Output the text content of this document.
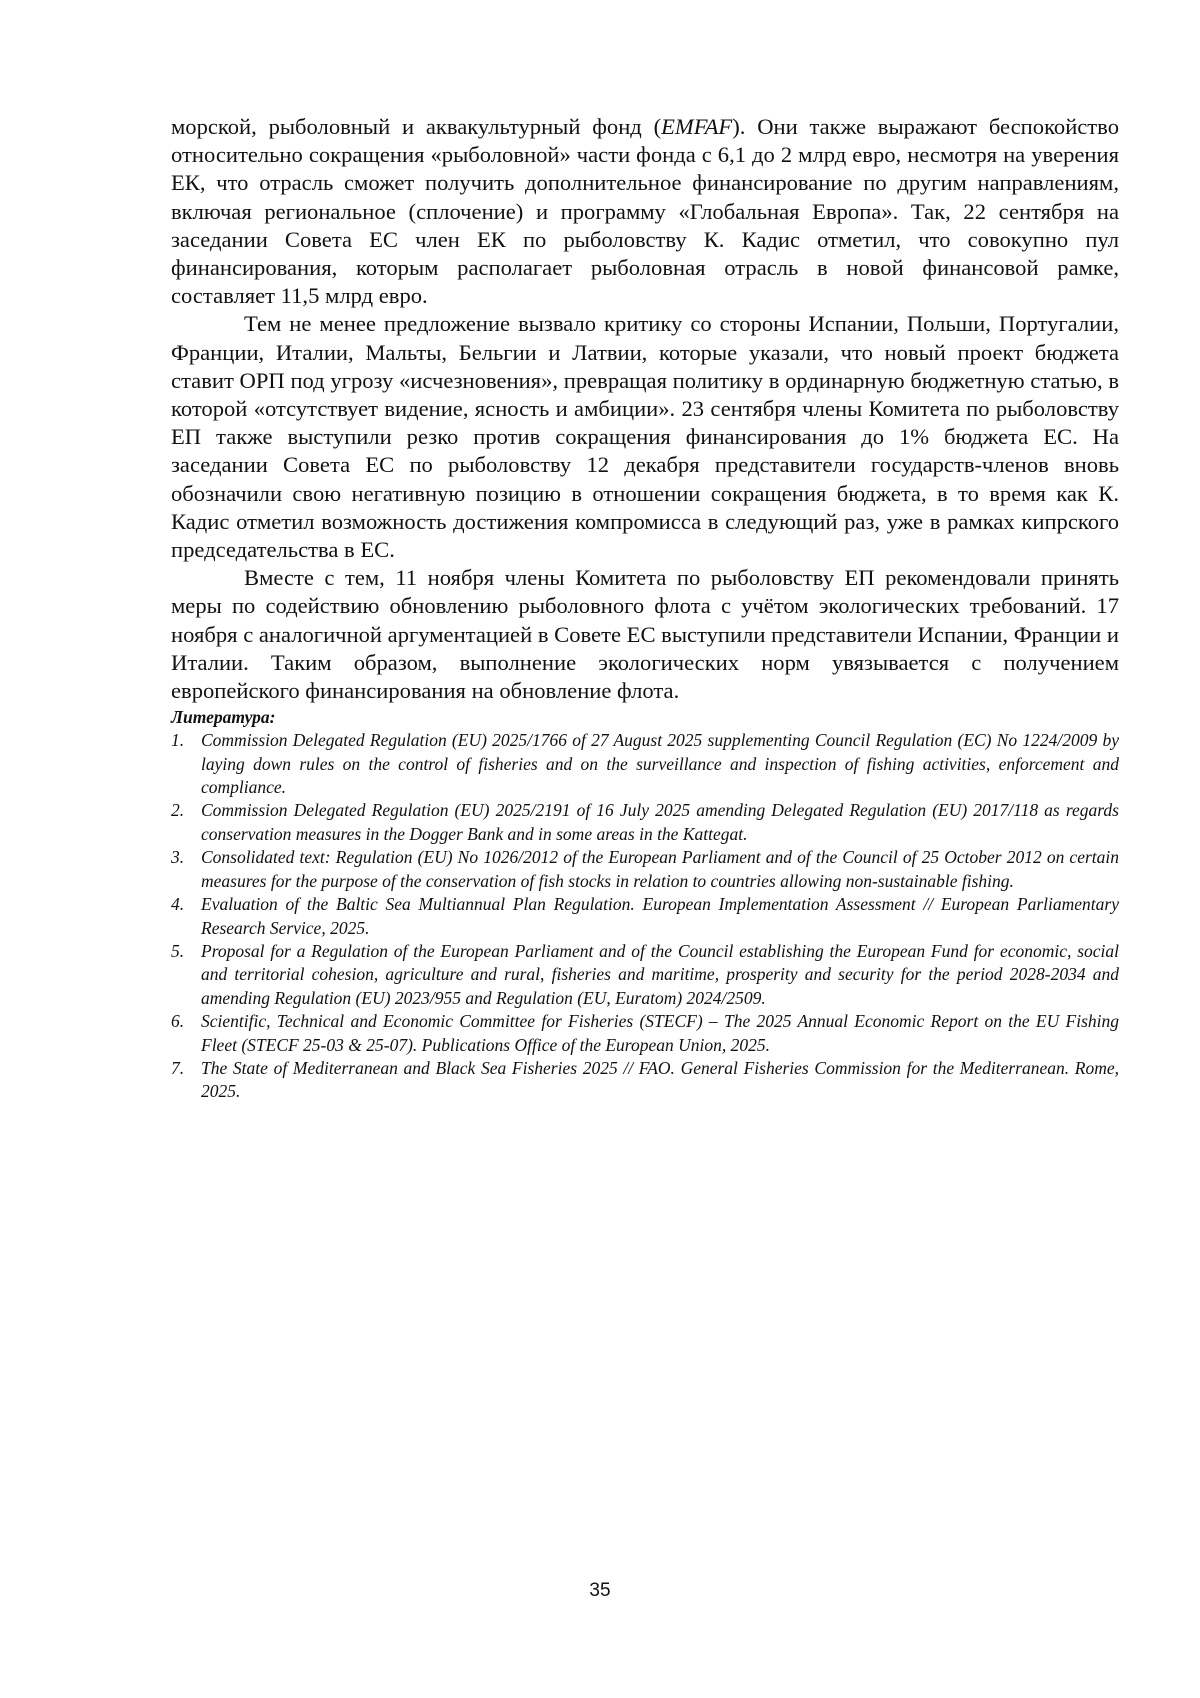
морской, рыболовный и аквакультурный фонд (EMFAF). Они также выражают беспокойство относительно сокращения «рыболовной» части фонда с 6,1 до 2 млрд евро, несмотря на уверения ЕК, что отрасль сможет получить дополнительное финансирование по другим направлениям, включая региональное (сплочение) и программу «Глобальная Европа». Так, 22 сентября на заседании Совета ЕС член ЕК по рыболовству К. Кадис отметил, что совокупно пул финансирования, которым располагает рыболовная отрасль в новой финансовой рамке, составляет 11,5 млрд евро.

Тем не менее предложение вызвало критику со стороны Испании, Польши, Португалии, Франции, Италии, Мальты, Бельгии и Латвии, которые указали, что новый проект бюджета ставит ОРП под угрозу «исчезновения», превращая политику в ординарную бюджетную статью, в которой «отсутствует видение, ясность и амбиции». 23 сентября члены Комитета по рыболовству ЕП также выступили резко против сокращения финансирования до 1% бюджета ЕС. На заседании Совета ЕС по рыболовству 12 декабря представители государств-членов вновь обозначили свою негативную позицию в отношении сокращения бюджета, в то время как К. Кадис отметил возможность достижения компромисса в следующий раз, уже в рамках кипрского председательства в ЕС.

Вместе с тем, 11 ноября члены Комитета по рыболовству ЕП рекомендовали принять меры по содействию обновлению рыболовного флота с учётом экологических требований. 17 ноября с аналогичной аргументацией в Совете ЕС выступили представители Испании, Франции и Италии. Таким образом, выполнение экологических норм увязывается с получением европейского финансирования на обновление флота.

Литература:
1. Commission Delegated Regulation (EU) 2025/1766 of 27 August 2025 supplementing Council Regulation (EC) No 1224/2009 by laying down rules on the control of fisheries and on the surveillance and inspection of fishing activities, enforcement and compliance.
2. Commission Delegated Regulation (EU) 2025/2191 of 16 July 2025 amending Delegated Regulation (EU) 2017/118 as regards conservation measures in the Dogger Bank and in some areas in the Kattegat.
3. Consolidated text: Regulation (EU) No 1026/2012 of the European Parliament and of the Council of 25 October 2012 on certain measures for the purpose of the conservation of fish stocks in relation to countries allowing non-sustainable fishing.
4. Evaluation of the Baltic Sea Multiannual Plan Regulation. European Implementation Assessment // European Parliamentary Research Service, 2025.
5. Proposal for a Regulation of the European Parliament and of the Council establishing the European Fund for economic, social and territorial cohesion, agriculture and rural, fisheries and maritime, prosperity and security for the period 2028-2034 and amending Regulation (EU) 2023/955 and Regulation (EU, Euratom) 2024/2509.
6. Scientific, Technical and Economic Committee for Fisheries (STECF) – The 2025 Annual Economic Report on the EU Fishing Fleet (STECF 25-03 & 25-07). Publications Office of the European Union, 2025.
7. The State of Mediterranean and Black Sea Fisheries 2025 // FAO. General Fisheries Commission for the Mediterranean. Rome, 2025.
35
